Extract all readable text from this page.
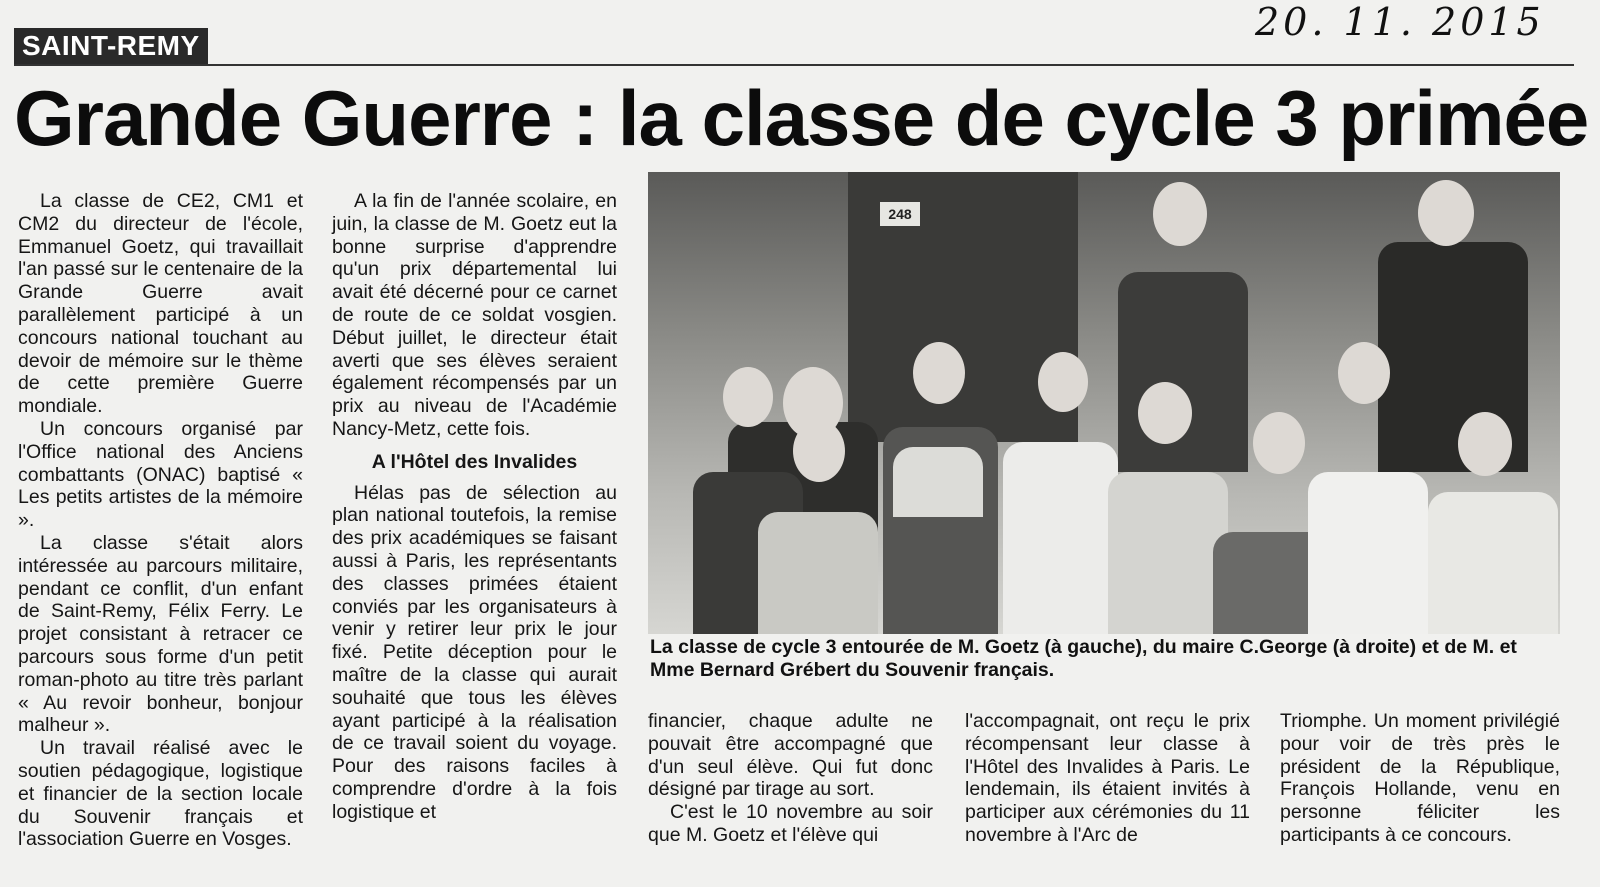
20. 11. 2015
SAINT-REMY
Grande Guerre : la classe de cycle 3 primée

La classe de CE2, CM1 et CM2 du directeur de l'école, Emmanuel Goetz, qui travaillait l'an passé sur le centenaire de la Grande Guerre avait parallèlement participé à un concours national touchant au devoir de mémoire sur le thème de cette première Guerre mondiale.

Un concours organisé par l'Office national des Anciens combattants (ONAC) baptisé « Les petits artistes de la mémoire ».

La classe s'était alors intéressée au parcours militaire, pendant ce conflit, d'un enfant de Saint-Remy, Félix Ferry. Le projet consistant à retracer ce parcours sous forme d'un petit roman-photo au titre très parlant « Au revoir bonheur, bonjour malheur ».

Un travail réalisé avec le soutien pédagogique, logistique et financier de la section locale du Souvenir français et l'association Guerre en Vosges.

A la fin de l'année scolaire, en juin, la classe de M. Goetz eut la bonne surprise d'apprendre qu'un prix départemental lui avait été décerné pour ce carnet de route de ce soldat vosgien. Début juillet, le directeur était averti que ses élèves seraient également récompensés par un prix au niveau de l'Académie Nancy-Metz, cette fois.

A l'Hôtel des Invalides

Hélas pas de sélection au plan national toutefois, la remise des prix académiques se faisant aussi à Paris, les représentants des classes primées étaient conviés par les organisateurs à venir y retirer leur prix le jour fixé. Petite déception pour le maître de la classe qui aurait souhaité que tous les élèves ayant participé à la réalisation de ce travail soient du voyage. Pour des raisons faciles à comprendre d'ordre à la fois logistique et

248
La classe de cycle 3 entourée de M. Goetz (à gauche), du maire C.George (à droite) et de M. et Mme Bernard Grébert du Souvenir français.

financier, chaque adulte ne pouvait être accompagné que d'un seul élève. Qui fut donc désigné par tirage au sort.

C'est le 10 novembre au soir que M. Goetz et l'élève qui

l'accompagnait, ont reçu le prix récompensant leur classe à l'Hôtel des Invalides à Paris. Le lendemain, ils étaient invités à participer aux cérémonies du 11 novembre à l'Arc de

Triomphe. Un moment privilégié pour voir de très près le président de la République, François Hollande, venu en personne féliciter les participants à ce concours.
